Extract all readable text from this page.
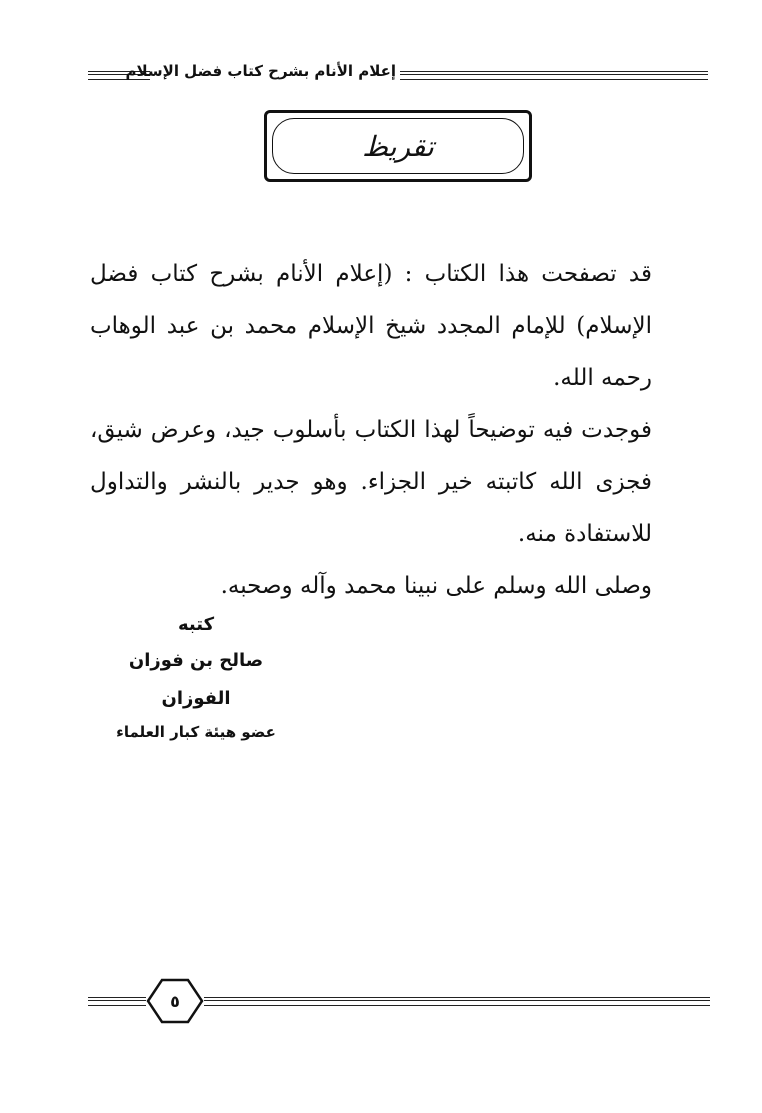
إعلام الأنام بشرح كتاب فضل الإسلام
تقريظ

قد تصفحت هذا الكتاب : (إعلام الأنام بشرح كتاب فضل الإسلام) للإمام المجدد شيخ الإسلام محمد بن عبد الوهاب رحمه الله.

فوجدت فيه توضيحاً لهذا الكتاب بأسلوب جيد، وعرض شيق، فجزى الله كاتبته خير الجزاء. وهو جدير بالنشر والتداول للاستفادة منه.

وصلى الله وسلم على نبينا محمد وآله وصحبه.

كتبه
صالح بن فوزان الفوزان
عضو هيئة كبار العلماء
٥
